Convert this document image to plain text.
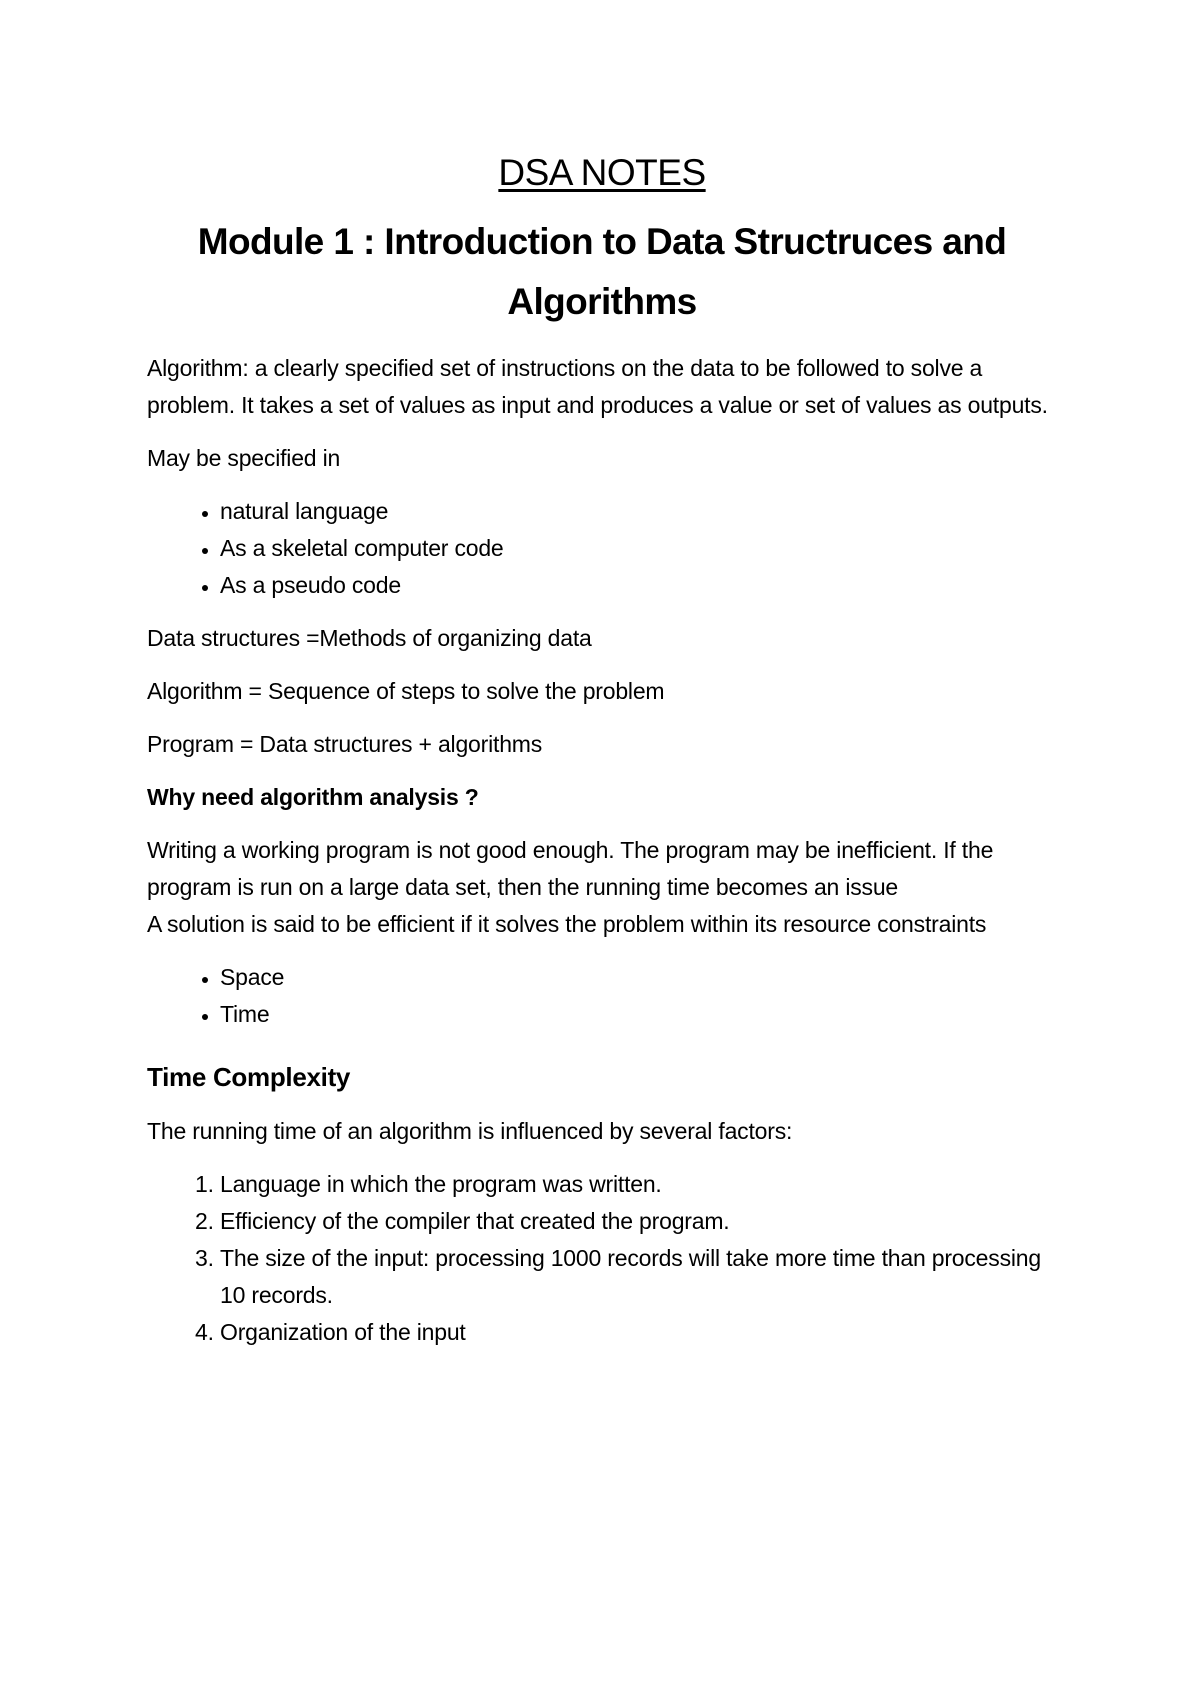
DSA NOTES
Module 1 : Introduction to Data Structruces and Algorithms

Algorithm: a clearly specified set of instructions on the data to be followed to solve a problem. It takes a set of values as input and produces a value or set of values as outputs.

May be specified in

• natural language
• As a skeletal computer code
• As a pseudo code

Data structures =Methods of organizing data

Algorithm = Sequence of steps to solve the problem

Program = Data structures + algorithms

Why need algorithm analysis ?

Writing a working program is not good enough. The program may be inefficient. If the program is run on a large data set, then the running time becomes an issue

A solution is said to be efficient if it solves the problem within its resource constraints

• Space
• Time
Time Complexity

The running time of an algorithm is influenced by several factors:

1. Language in which the program was written.
2. Efficiency of the compiler that created the program.
3. The size of the input: processing 1000 records will take more time than processing 10 records.
4. Organization of the input
